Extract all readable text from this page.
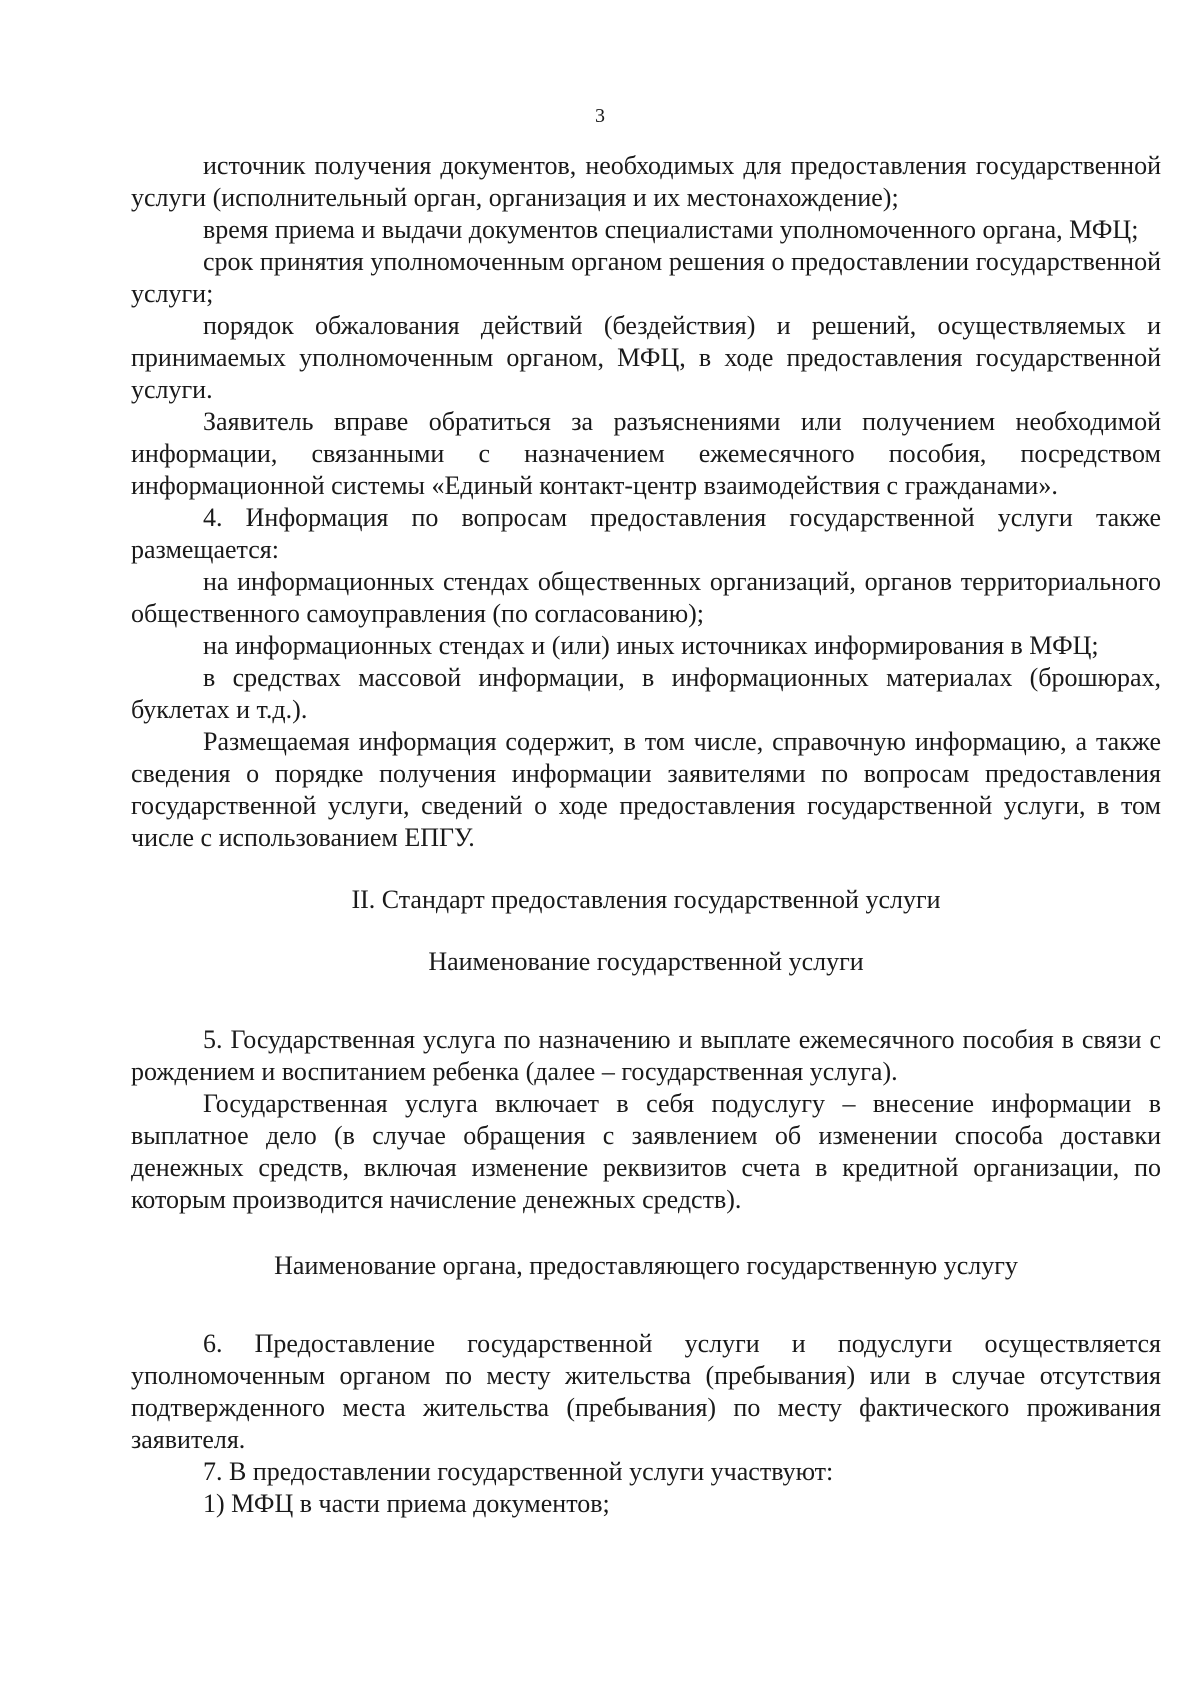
3

источник получения документов, необходимых для предоставления государственной услуги (исполнительный орган, организация и их местонахождение);

время приема и выдачи документов специалистами уполномоченного органа, МФЦ;

срок принятия уполномоченным органом решения о предоставлении государственной услуги;

порядок обжалования действий (бездействия) и решений, осуществляемых и принимаемых уполномоченным органом, МФЦ, в ходе предоставления государственной услуги.

Заявитель вправе обратиться за разъяснениями или получением необходимой информации, связанными с назначением ежемесячного пособия, посредством информационной системы «Единый контакт-центр взаимодействия с гражданами».

4. Информация по вопросам предоставления государственной услуги также размещается:

на информационных стендах общественных организаций, органов территориального общественного самоуправления (по согласованию);

на информационных стендах и (или) иных источниках информирования в МФЦ;

в средствах массовой информации, в информационных материалах (брошюрах, буклетах и т.д.).

Размещаемая информация содержит, в том числе, справочную информацию, а также сведения о порядке получения информации заявителями по вопросам предоставления государственной услуги, сведений о ходе предоставления государственной услуги, в том числе с использованием ЕПГУ.

II. Стандарт предоставления государственной услуги

Наименование государственной услуги

5. Государственная услуга по назначению и выплате ежемесячного пособия в связи с рождением и воспитанием ребенка (далее – государственная услуга).

Государственная услуга включает в себя подуслугу – внесение информации в выплатное дело (в случае обращения с заявлением об изменении способа доставки денежных средств, включая изменение реквизитов счета в кредитной организации, по которым производится начисление денежных средств).

Наименование органа, предоставляющего государственную услугу

6. Предоставление государственной услуги и подуслуги осуществляется уполномоченным органом по месту жительства (пребывания) или в случае отсутствия подтвержденного места жительства (пребывания) по месту фактического проживания заявителя.

7. В предоставлении государственной услуги участвуют:

1) МФЦ в части приема документов;
